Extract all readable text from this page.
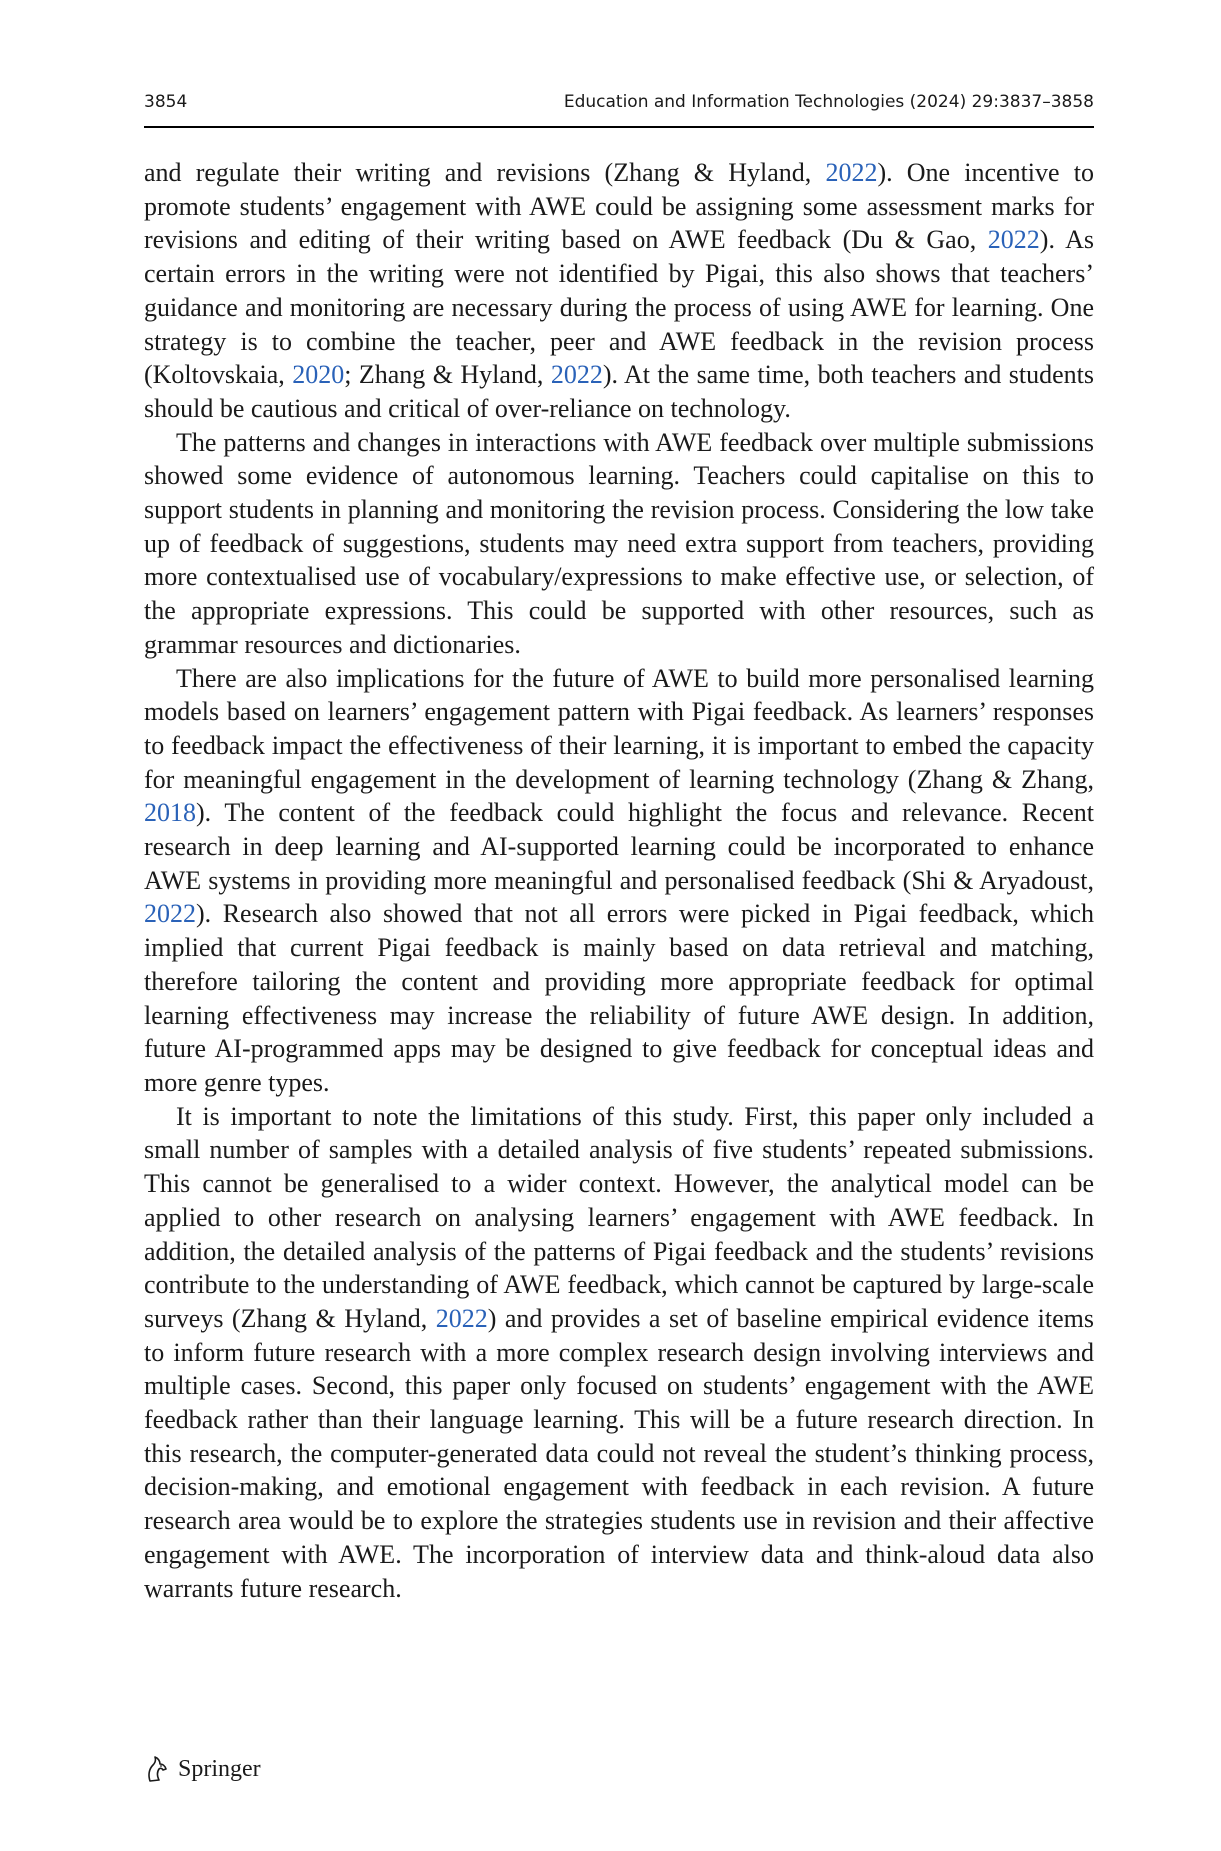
3854	Education and Information Technologies (2024) 29:3837–3858

and regulate their writing and revisions (Zhang & Hyland, 2022). One incentive to promote students’ engagement with AWE could be assigning some assessment marks for revisions and editing of their writing based on AWE feedback (Du & Gao, 2022). As certain errors in the writing were not identified by Pigai, this also shows that teachers’ guidance and monitoring are necessary during the process of using AWE for learning. One strategy is to combine the teacher, peer and AWE feedback in the revision process (Koltovskaia, 2020; Zhang & Hyland, 2022). At the same time, both teachers and students should be cautious and critical of over-reliance on technology.

The patterns and changes in interactions with AWE feedback over multiple submissions showed some evidence of autonomous learning. Teachers could capitalise on this to support students in planning and monitoring the revision process. Considering the low take up of feedback of suggestions, students may need extra support from teachers, providing more contextualised use of vocabulary/expressions to make effective use, or selection, of the appropriate expressions. This could be supported with other resources, such as grammar resources and dictionaries.

There are also implications for the future of AWE to build more personalised learning models based on learners’ engagement pattern with Pigai feedback. As learners’ responses to feedback impact the effectiveness of their learning, it is important to embed the capacity for meaningful engagement in the development of learning technology (Zhang & Zhang, 2018). The content of the feedback could highlight the focus and relevance. Recent research in deep learning and AI-supported learning could be incorporated to enhance AWE systems in providing more meaningful and personalised feedback (Shi & Aryadoust, 2022). Research also showed that not all errors were picked in Pigai feedback, which implied that current Pigai feedback is mainly based on data retrieval and matching, therefore tailoring the content and providing more appropriate feedback for optimal learning effectiveness may increase the reliability of future AWE design. In addition, future AI-programmed apps may be designed to give feedback for conceptual ideas and more genre types.

It is important to note the limitations of this study. First, this paper only included a small number of samples with a detailed analysis of five students’ repeated submissions. This cannot be generalised to a wider context. However, the analytical model can be applied to other research on analysing learners’ engagement with AWE feedback. In addition, the detailed analysis of the patterns of Pigai feedback and the students’ revisions contribute to the understanding of AWE feedback, which cannot be captured by large-scale surveys (Zhang & Hyland, 2022) and provides a set of baseline empirical evidence items to inform future research with a more complex research design involving interviews and multiple cases. Second, this paper only focused on students’ engagement with the AWE feedback rather than their language learning. This will be a future research direction. In this research, the computer-generated data could not reveal the student’s thinking process, decision-making, and emotional engagement with feedback in each revision. A future research area would be to explore the strategies students use in revision and their affective engagement with AWE. The incorporation of interview data and think-aloud data also warrants future research.

Springer
